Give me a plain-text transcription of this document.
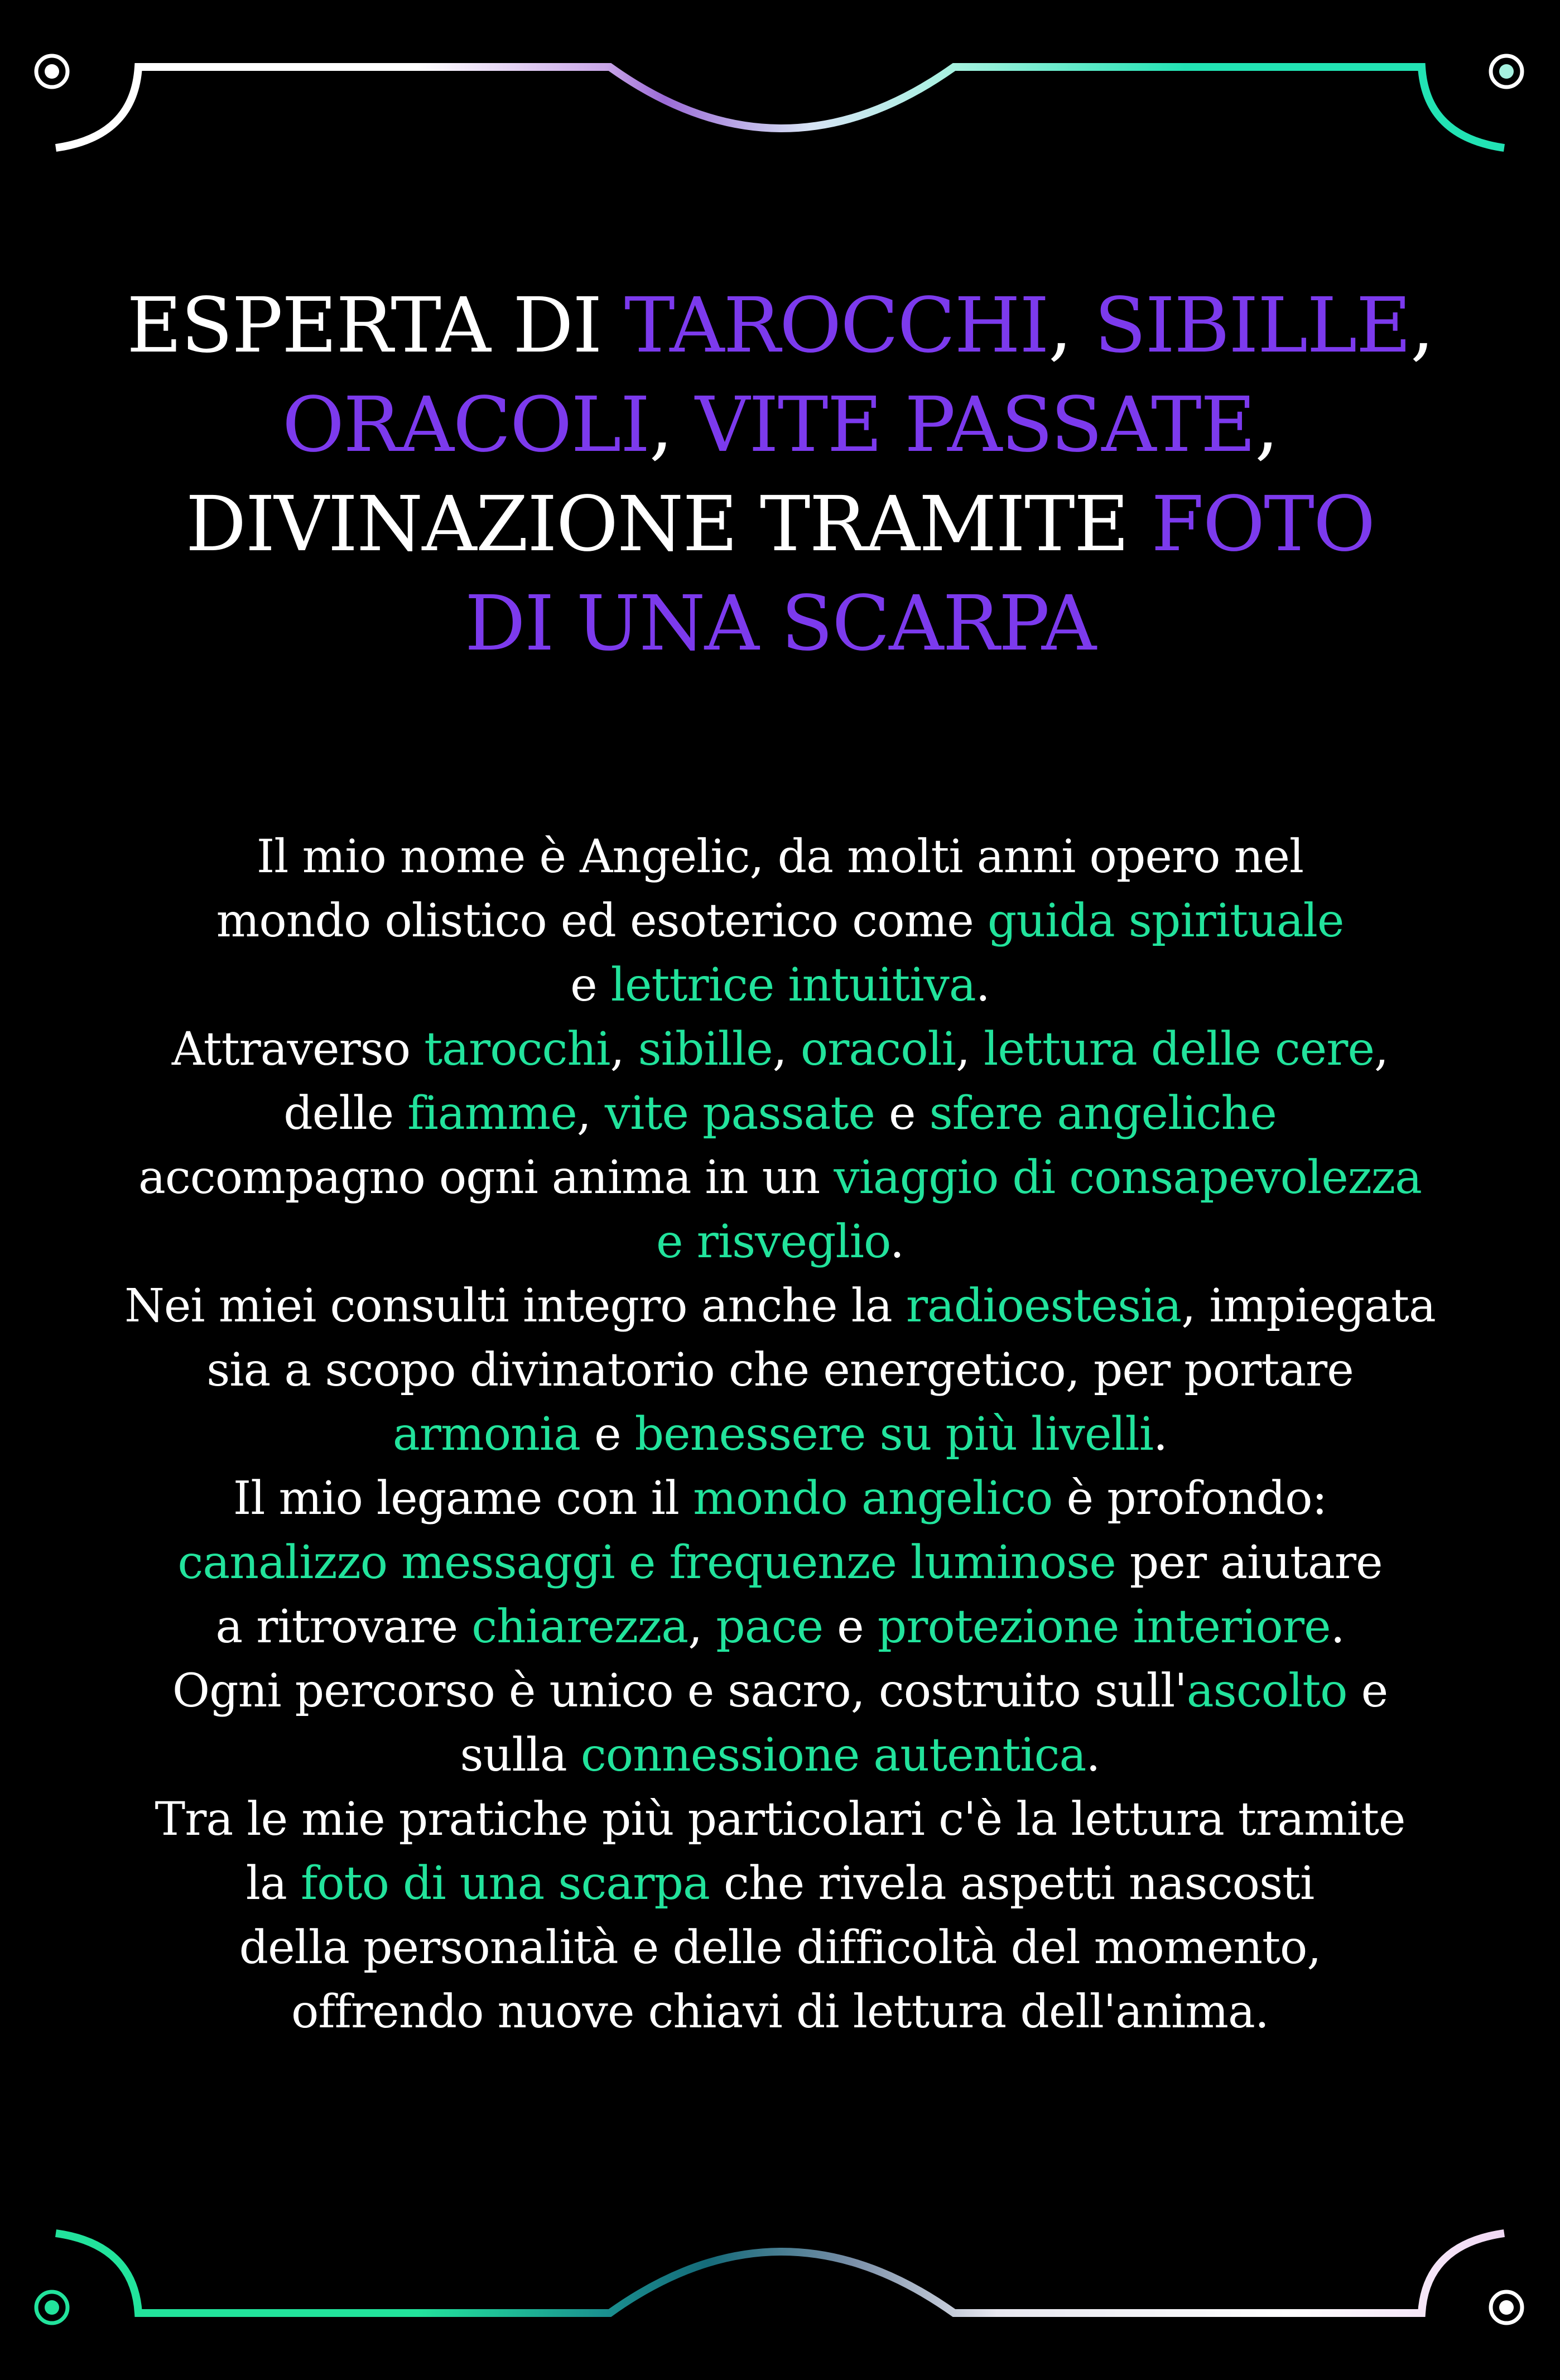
ESPERTA DI TAROCCHI, SIBILLE,
ORACOLI, VITE PASSATE,
DIVINAZIONE TRAMITE FOTO
DI UNA SCARPA
Il mio nome è Angelic, da molti anni opero nel
mondo olistico ed esoterico come guida spirituale
e lettrice intuitiva.
Attraverso tarocchi, sibille, oracoli, lettura delle cere,
delle fiamme, vite passate e sfere angeliche
accompagno ogni anima in un viaggio di consapevolezza
e risveglio.
Nei miei consulti integro anche la radioestesia, impiegata
sia a scopo divinatorio che energetico, per portare
armonia e benessere su più livelli.
Il mio legame con il mondo angelico è profondo:
canalizzo messaggi e frequenze luminose per aiutare
a ritrovare chiarezza, pace e protezione interiore.
Ogni percorso è unico e sacro, costruito sull'ascolto e
sulla connessione autentica.
Tra le mie pratiche più particolari c'è la lettura tramite
la foto di una scarpa che rivela aspetti nascosti
della personalità e delle difficoltà del momento,
offrendo nuove chiavi di lettura dell'anima.
